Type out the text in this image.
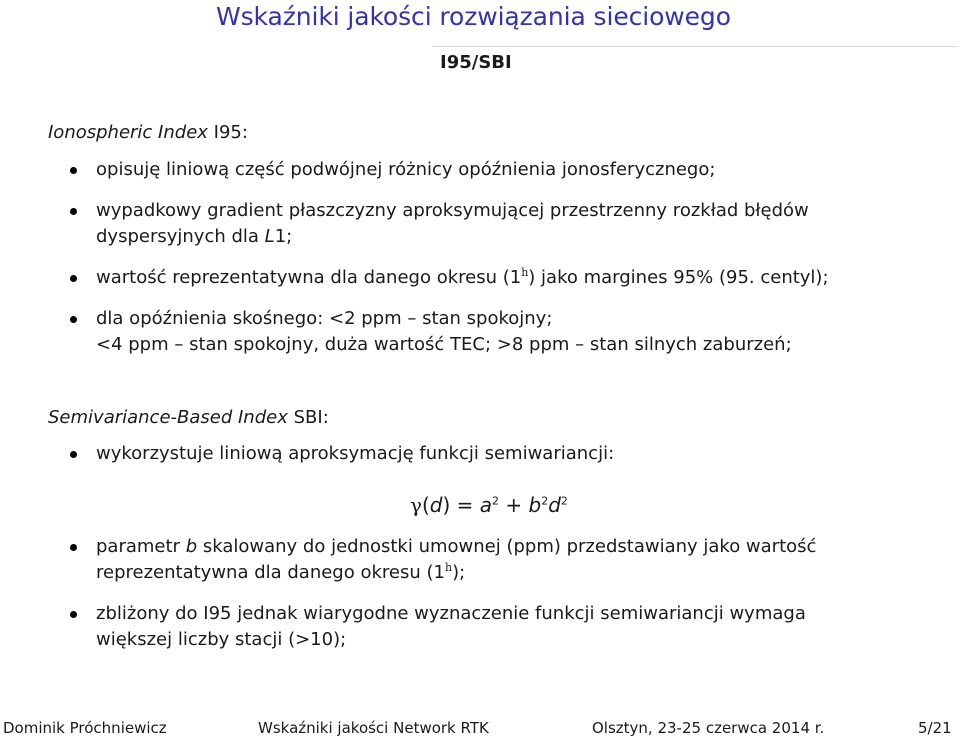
Wskaźniki jakości rozwiązania sieciowego
I95/SBI

Ionospheric Index I95:

opisuję liniową część podwójnej różnicy opóźnienia jonosferycznego;
wypadkowy gradient płaszczyzny aproksymującej przestrzenny rozkład błędów
dyspersyjnych dla L1;
wartość reprezentatywna dla danego okresu (1$^h$) jako margines 95% (95. centyl);
dla opóźnienia skośnego: <2 ppm – stan spokojny;
<4 ppm – stan spokojny, duża wartość TEC; >8 ppm – stan silnych zaburzeń;

Semivariance-Based Index SBI:

wykorzystuje liniową aproksymację funkcji semiwariancji:
$\gamma(d) = a^2 + b^2d^2$
parametr b skalowany do jednostki umownej (ppm) przedstawiany jako wartość
reprezentatywna dla danego okresu (1$^h$);
zbliżony do I95 jednak wiarygodne wyznaczenie funkcji semiwariancji wymaga
większej liczby stacji (>10);
Dominik Próchniewicz	Wskaźniki jakości Network RTK	Olsztyn, 23-25 czerwca 2014 r.	5/21
